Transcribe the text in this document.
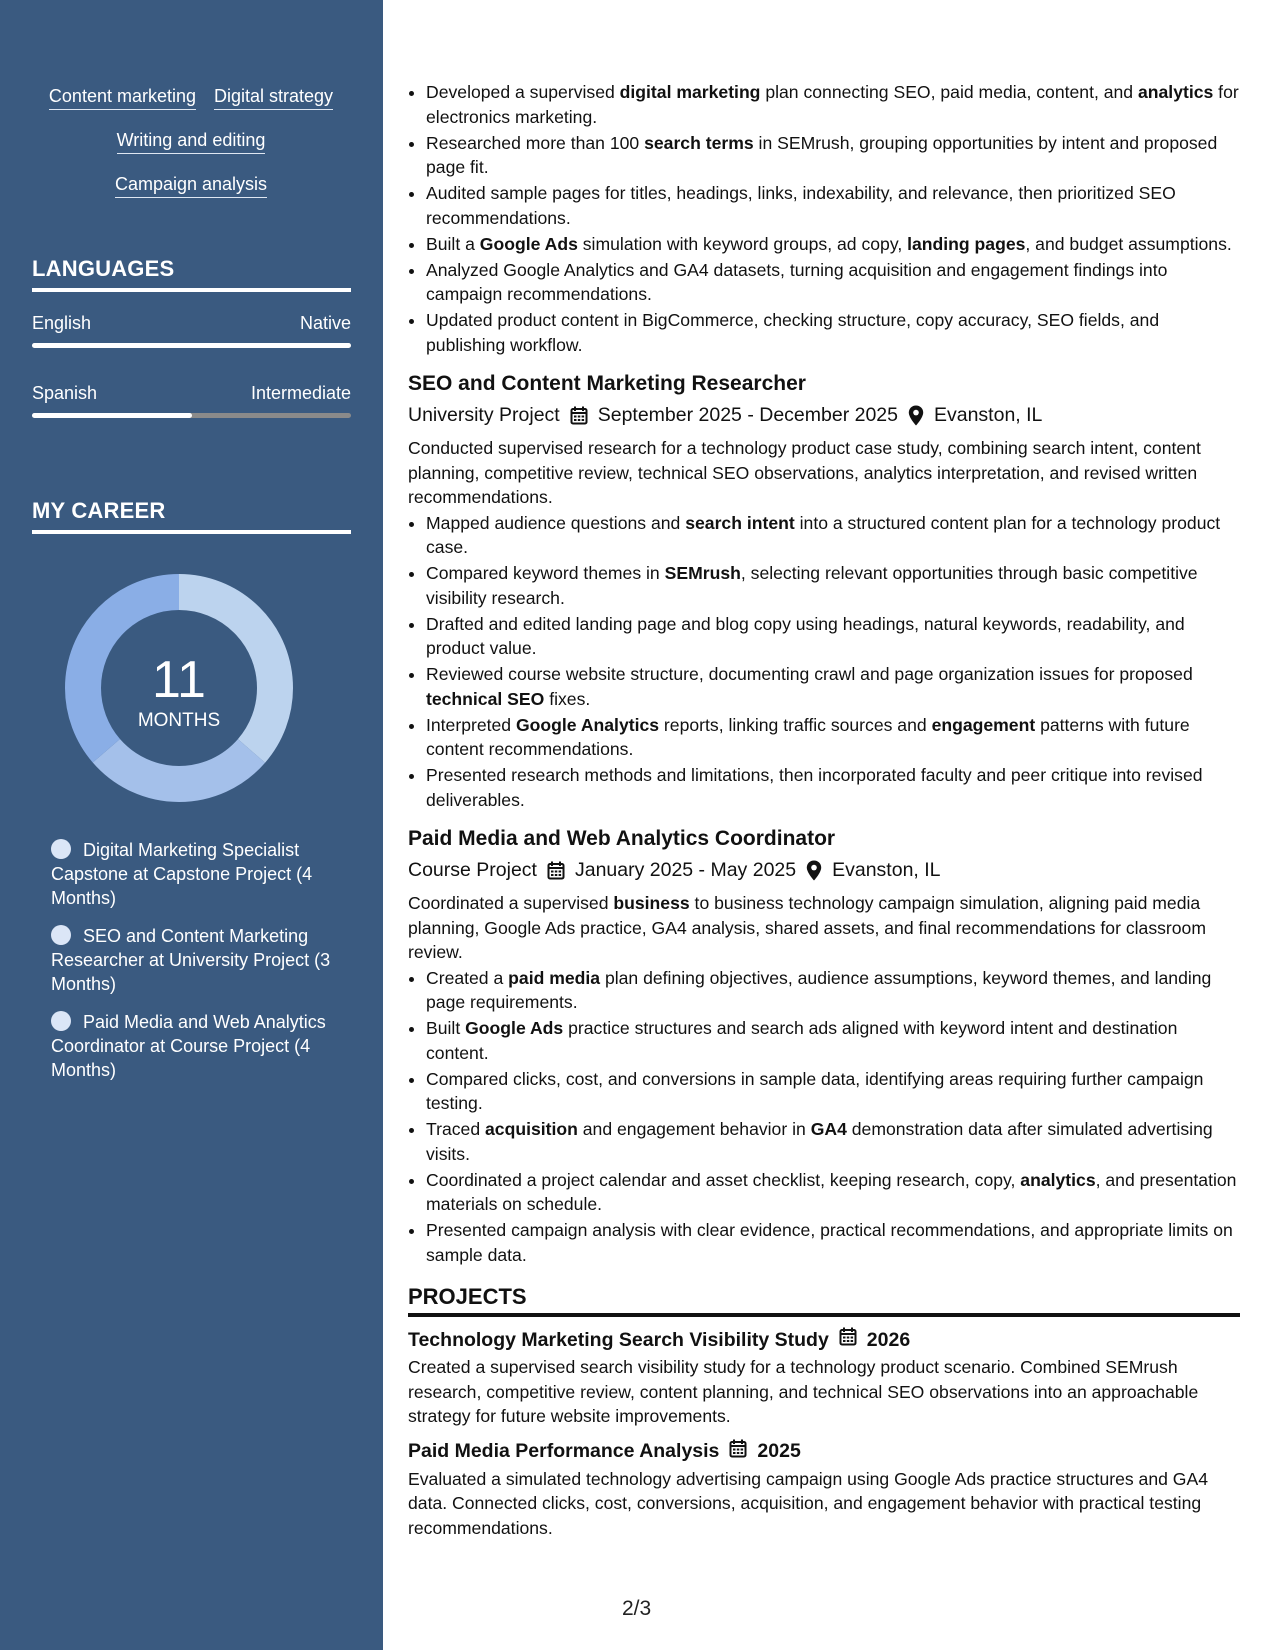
Content marketing Digital strategy
Writing and editing
Campaign analysis
LANGUAGES
English	Native
Spanish	Intermediate
MY CAREER
11
MONTHS
Digital Marketing Specialist Capstone at Capstone Project (4 Months)
SEO and Content Marketing Researcher at University Project (3 Months)
Paid Media and Web Analytics Coordinator at Course Project (4 Months)
• Developed a supervised digital marketing plan connecting SEO, paid media, content, and analytics for electronics marketing.
• Researched more than 100 search terms in SEMrush, grouping opportunities by intent and proposed page fit.
• Audited sample pages for titles, headings, links, indexability, and relevance, then prioritized SEO recommendations.
• Built a Google Ads simulation with keyword groups, ad copy, landing pages, and budget assumptions.
• Analyzed Google Analytics and GA4 datasets, turning acquisition and engagement findings into campaign recommendations.
• Updated product content in BigCommerce, checking structure, copy accuracy, SEO fields, and publishing workflow.
SEO and Content Marketing Researcher
University Project September 2025 - December 2025 Evanston, IL
Conducted supervised research for a technology product case study, combining search intent, content planning, competitive review, technical SEO observations, analytics interpretation, and revised written recommendations.
• Mapped audience questions and search intent into a structured content plan for a technology product case.
• Compared keyword themes in SEMrush, selecting relevant opportunities through basic competitive visibility research.
• Drafted and edited landing page and blog copy using headings, natural keywords, readability, and product value.
• Reviewed course website structure, documenting crawl and page organization issues for proposed technical SEO fixes.
• Interpreted Google Analytics reports, linking traffic sources and engagement patterns with future content recommendations.
• Presented research methods and limitations, then incorporated faculty and peer critique into revised deliverables.
Paid Media and Web Analytics Coordinator
Course Project January 2025 - May 2025 Evanston, IL
Coordinated a supervised business to business technology campaign simulation, aligning paid media planning, Google Ads practice, GA4 analysis, shared assets, and final recommendations for classroom review.
• Created a paid media plan defining objectives, audience assumptions, keyword themes, and landing page requirements.
• Built Google Ads practice structures and search ads aligned with keyword intent and destination content.
• Compared clicks, cost, and conversions in sample data, identifying areas requiring further campaign testing.
• Traced acquisition and engagement behavior in GA4 demonstration data after simulated advertising visits.
• Coordinated a project calendar and asset checklist, keeping research, copy, analytics, and presentation materials on schedule.
• Presented campaign analysis with clear evidence, practical recommendations, and appropriate limits on sample data.
PROJECTS
Technology Marketing Search Visibility Study 2026
Created a supervised search visibility study for a technology product scenario. Combined SEMrush research, competitive review, content planning, and technical SEO observations into an approachable strategy for future website improvements.
Paid Media Performance Analysis 2025
Evaluated a simulated technology advertising campaign using Google Ads practice structures and GA4 data. Connected clicks, cost, conversions, acquisition, and engagement behavior with practical testing recommendations.
2/3
